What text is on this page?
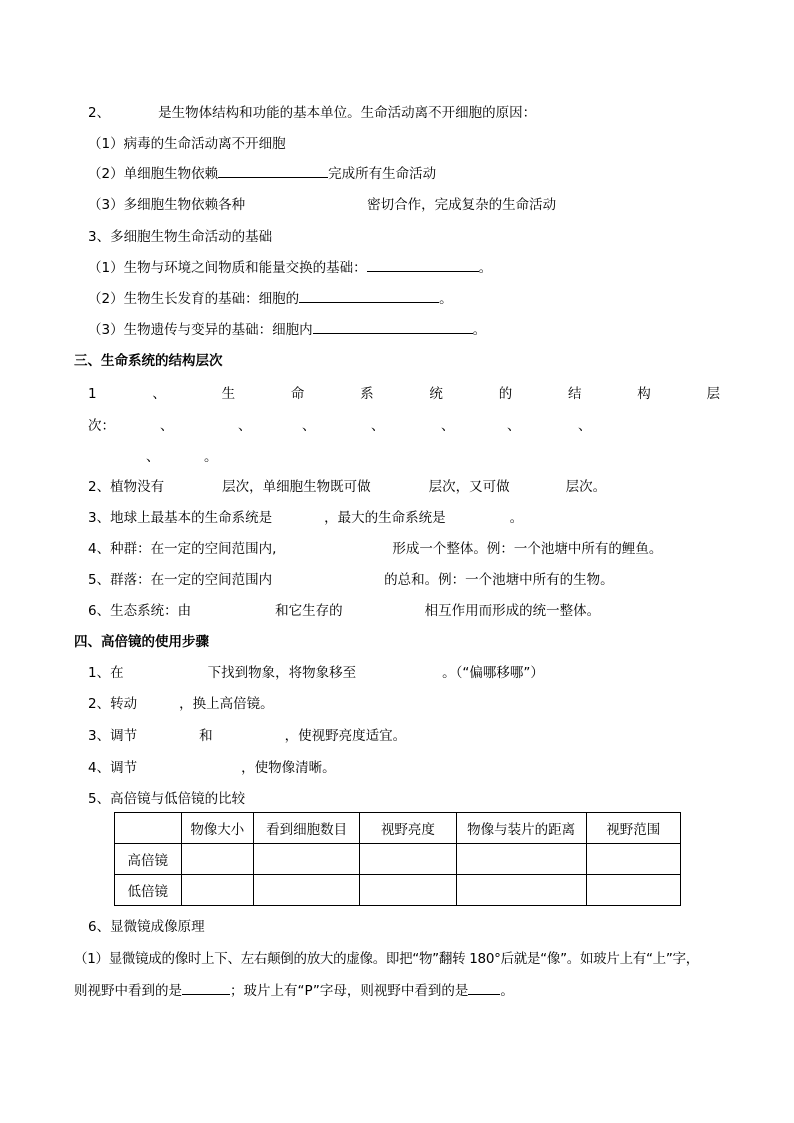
2、	是生物体结构和功能的基本单位。生命活动离不开细胞的原因：
（1）病毒的生命活动离不开细胞
（2）单细胞生物依赖	完成所有生命活动
（3）多细胞生物依赖各种	密切合作，完成复杂的生命活动
3、多细胞生物生命活动的基础
（1）生物与环境之间物质和能量交换的基础：	。
（2）生物生长发育的基础：细胞的	。
（3）生物遗传与变异的基础：细胞内	。
三、生命系统的结构层次
1	、	生	命	系	统	的	结	构	层
次：	、	、	、	、	、	、	、
、	。
2、植物没有	层次，单细胞生物既可做	层次，又可做	层次。
3、地球上最基本的生命系统是	，最大的生命系统是	。
4、种群：在一定的空间范围内,	形成一个整体。例：一个池塘中所有的鲤鱼。
5、群落：在一定的空间范围内	的总和。例：一个池塘中所有的生物。
6、生态系统：由	和它生存的	相互作用而形成的统一整体。
四、高倍镜的使用步骤
1、在	下找到物象，将物象移至	。（“偏哪移哪”）
2、转动	，换上高倍镜。
3、调节	和	，使视野亮度适宜。
4、调节	，使物像清晰。
5、高倍镜与低倍镜的比较
	物像大小	看到细胞数目	视野亮度	物像与装片的距离	视野范围
高倍镜					
低倍镜					
6、显微镜成像原理
（1）显微镜成的像时上下、左右颠倒的放大的虚像。即把“物”翻转 180°后就是“像”。如玻片上有“上”字，
则视野中看到的是	；玻片上有“P”字母，则视野中看到的是 。
